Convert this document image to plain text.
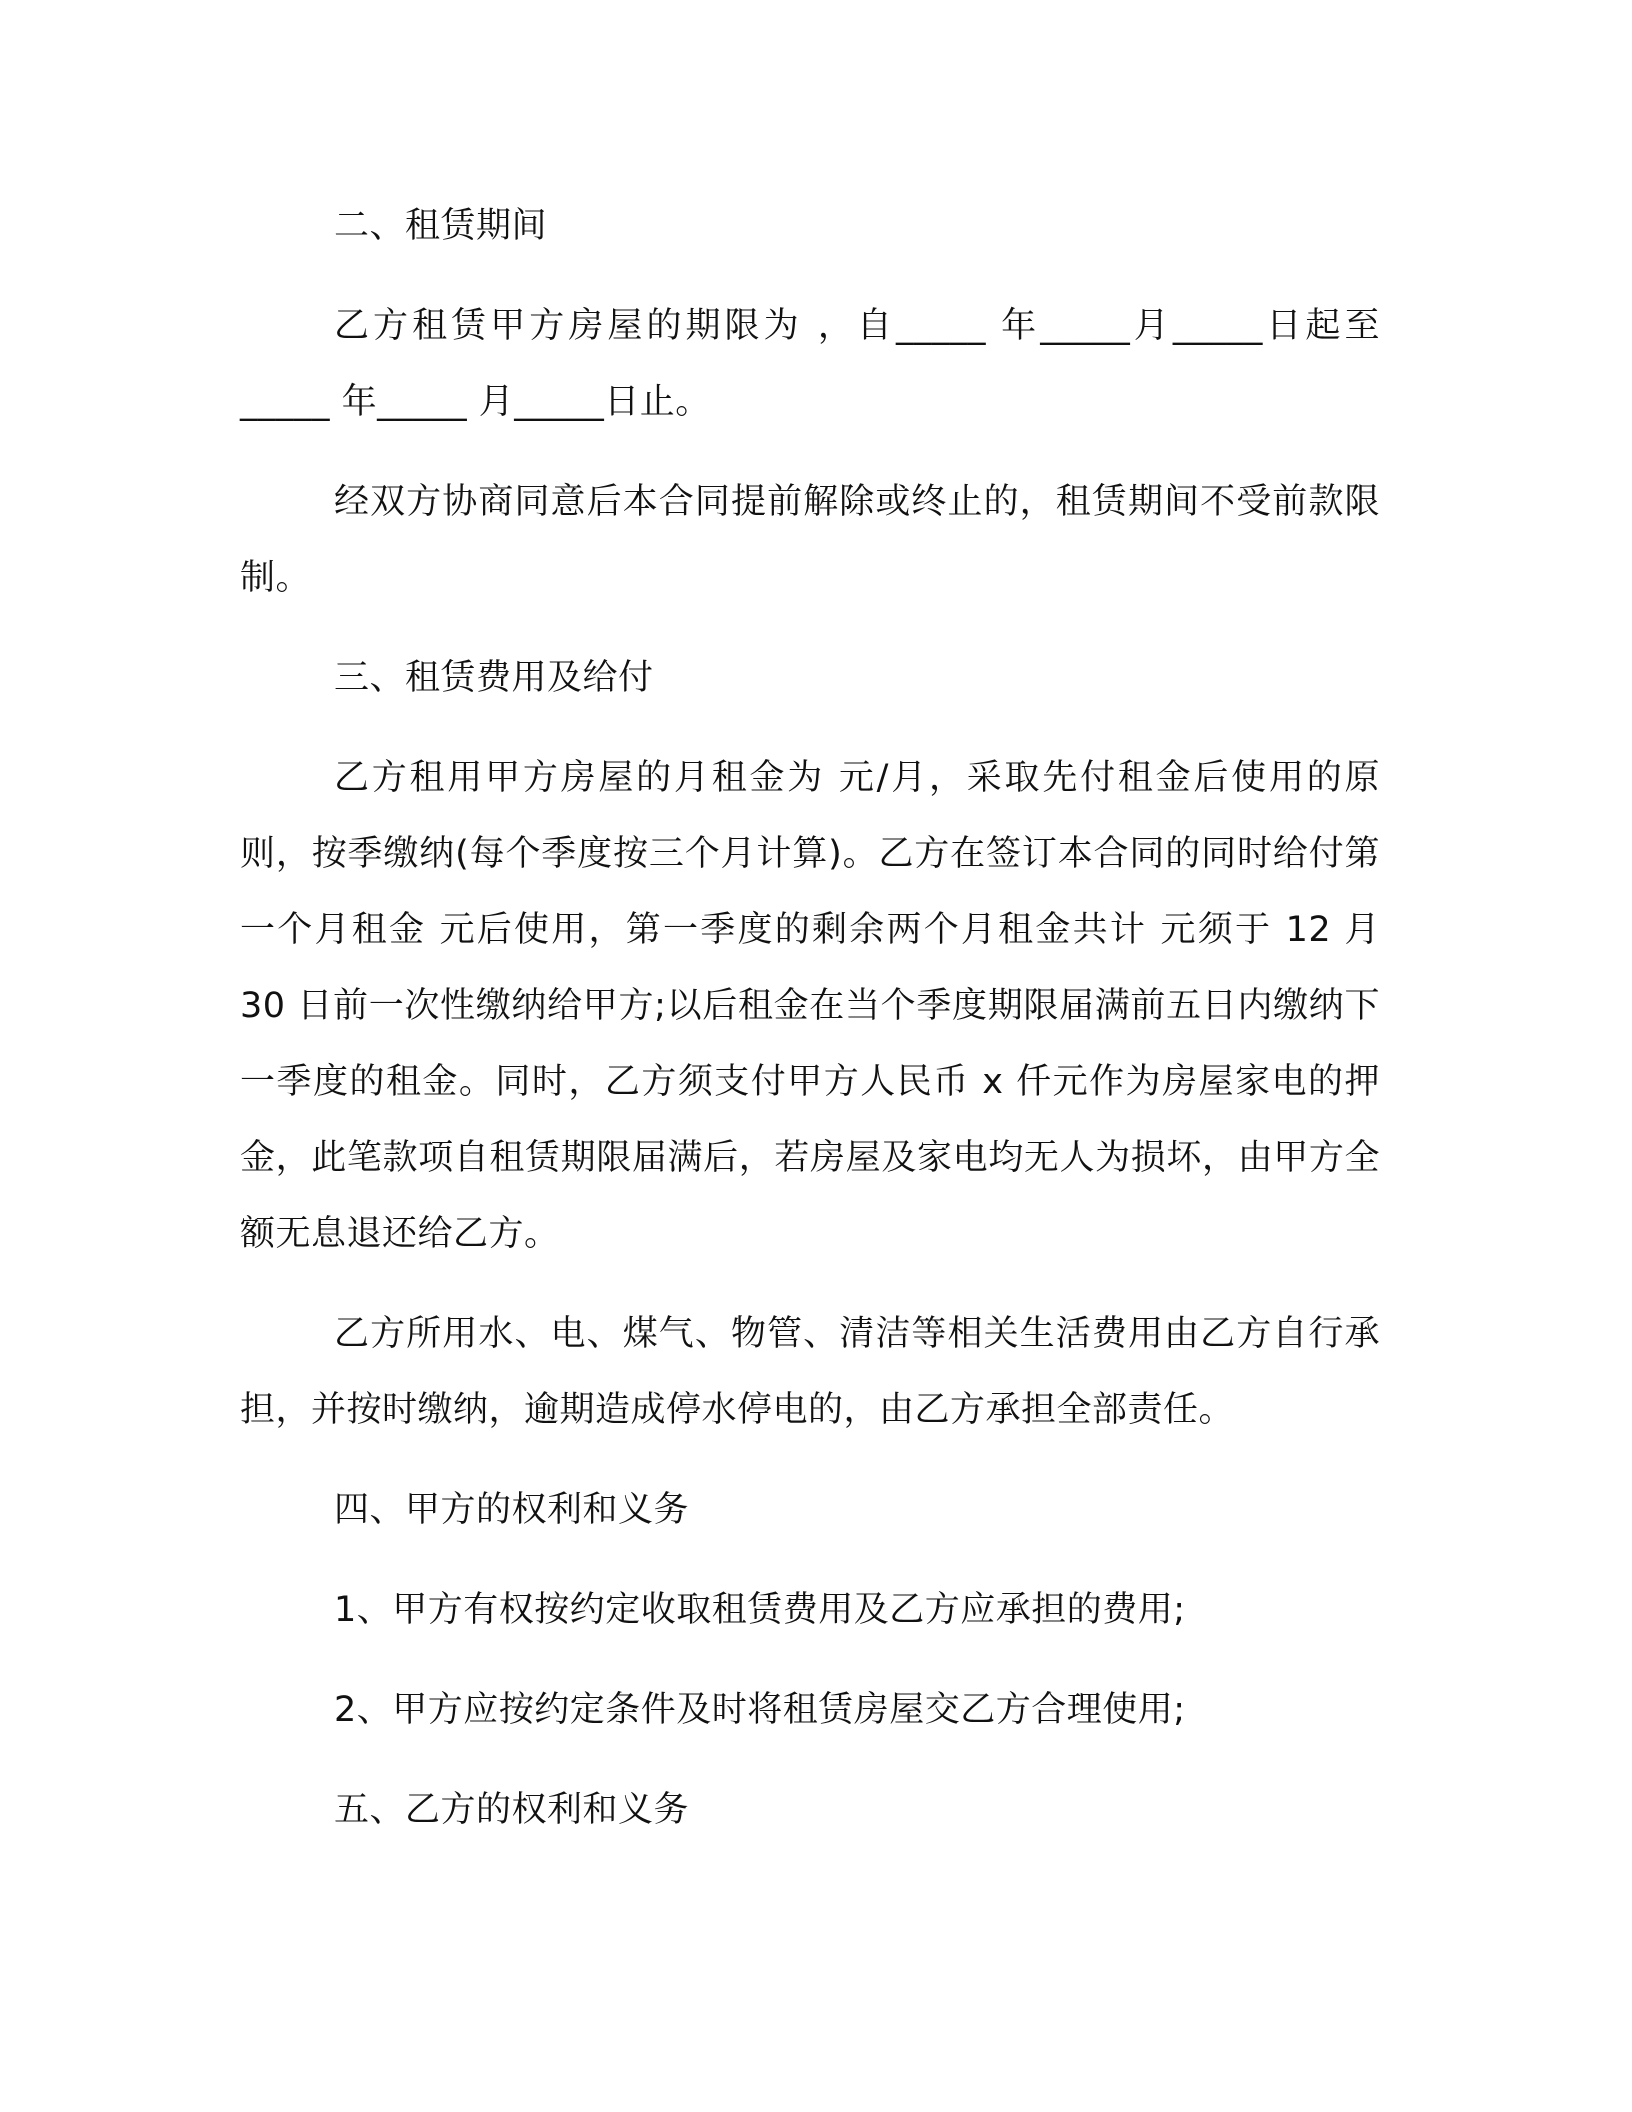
二、租赁期间

乙方租赁甲方房屋的期限为 ，自_____ 年_____月_____日起至_____ 年_____ 月_____日止。

经双方协商同意后本合同提前解除或终止的，租赁期间不受前款限制。

三、租赁费用及给付

乙方租用甲方房屋的月租金为 元/月，采取先付租金后使用的原则，按季缴纳(每个季度按三个月计算)。乙方在签订本合同的同时给付第一个月租金 元后使用，第一季度的剩余两个月租金共计 元须于 12 月 30 日前一次性缴纳给甲方;以后租金在当个季度期限届满前五日内缴纳下一季度的租金。同时，乙方须支付甲方人民币 x 仟元作为房屋家电的押金，此笔款项自租赁期限届满后，若房屋及家电均无人为损坏，由甲方全额无息退还给乙方。

乙方所用水、电、煤气、物管、清洁等相关生活费用由乙方自行承担，并按时缴纳，逾期造成停水停电的，由乙方承担全部责任。

四、甲方的权利和义务

1、甲方有权按约定收取租赁费用及乙方应承担的费用;

2、甲方应按约定条件及时将租赁房屋交乙方合理使用;

五、乙方的权利和义务
